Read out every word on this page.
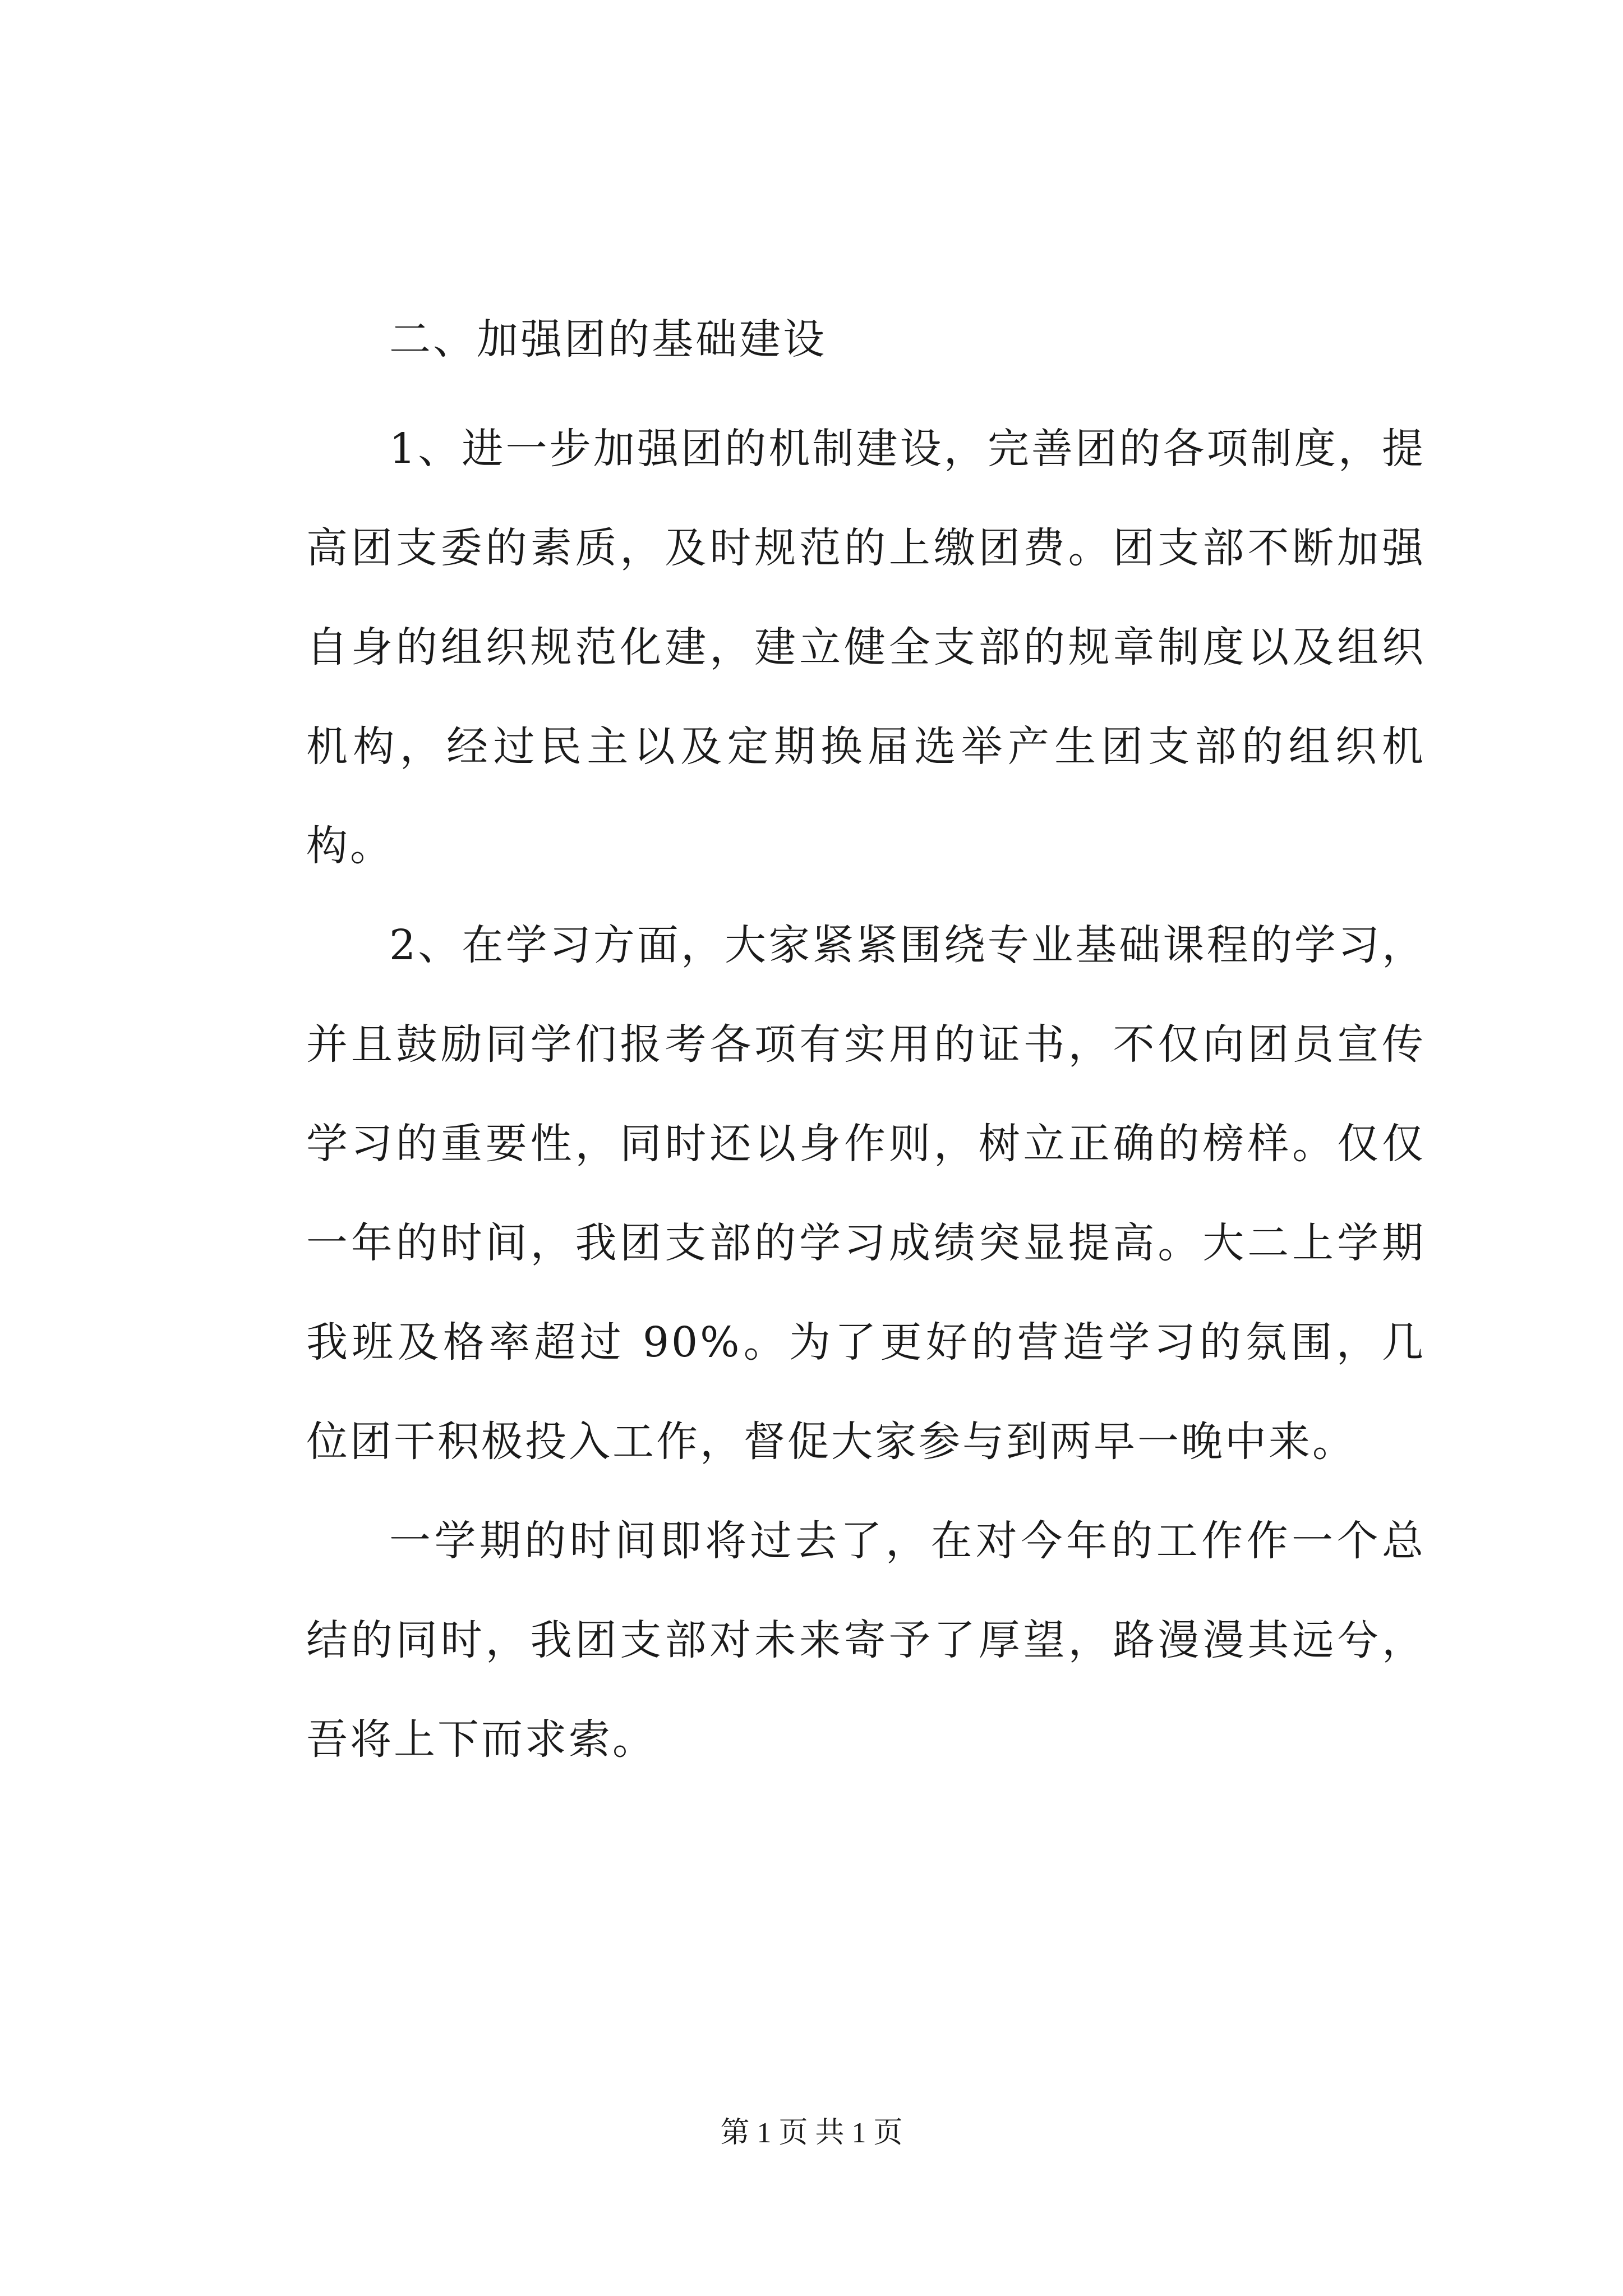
二、加强团的基础建设

1、进一步加强团的机制建设，完善团的各项制度，提高团支委的素质，及时规范的上缴团费。团支部不断加强自身的组织规范化建，建立健全支部的规章制度以及组织机构，经过民主以及定期换届选举产生团支部的组织机构。

2、在学习方面，大家紧紧围绕专业基础课程的学习，并且鼓励同学们报考各项有实用的证书，不仅向团员宣传学习的重要性，同时还以身作则，树立正确的榜样。仅仅一年的时间，我团支部的学习成绩突显提高。大二上学期我班及格率超过 90%。为了更好的营造学习的氛围，几位团干积极投入工作，督促大家参与到两早一晚中来。

一学期的时间即将过去了，在对今年的工作作一个总结的同时，我团支部对未来寄予了厚望，路漫漫其远兮，吾将上下而求索。

第 1 页 共 1 页
